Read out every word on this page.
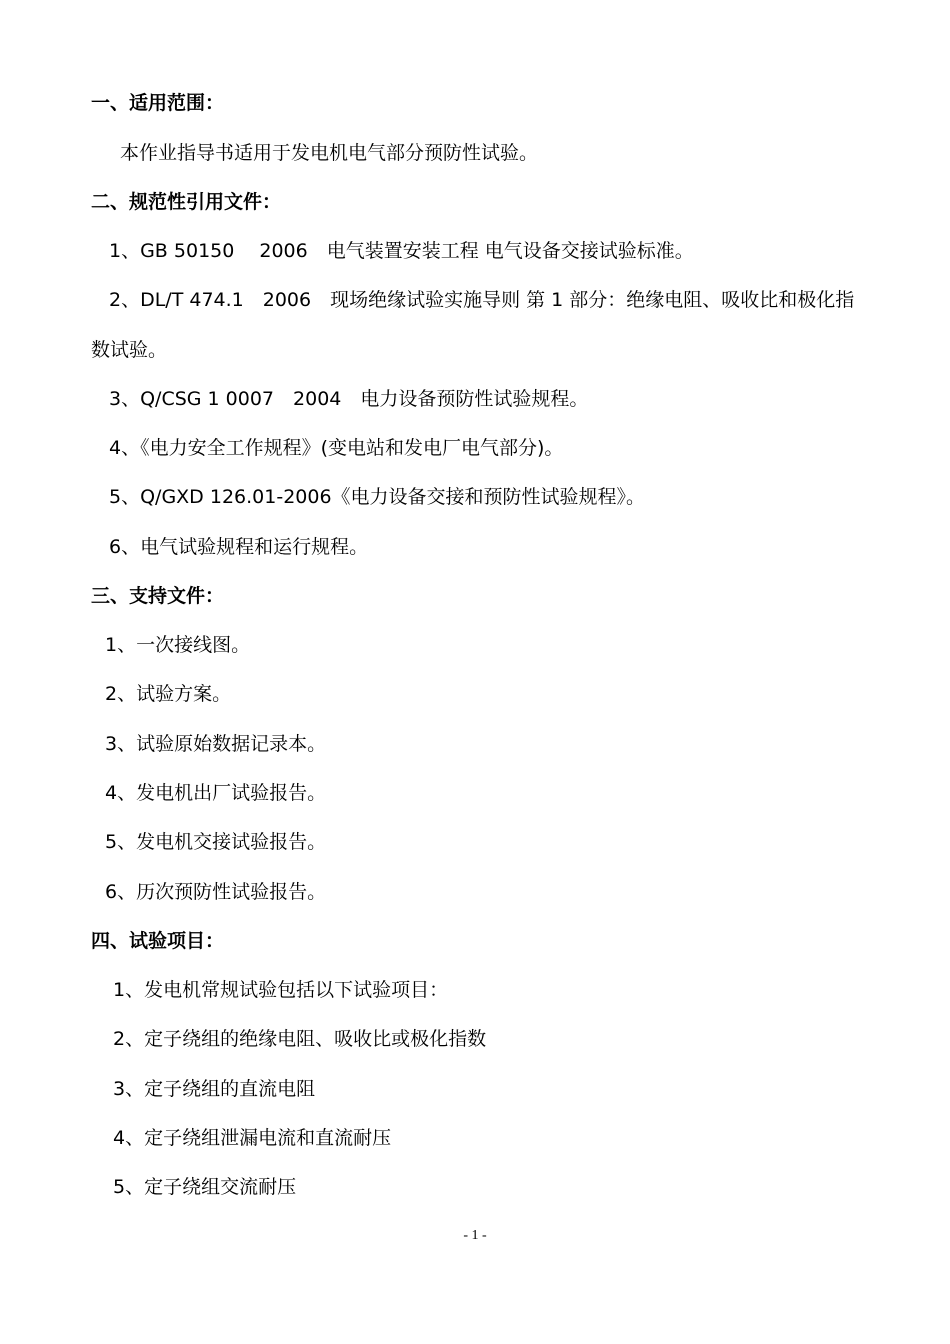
一、适用范围：
本作业指导书适用于发电机电气部分预防性试验。
二、规范性引用文件：
1、GB 50150　 2006　电气装置安装工程 电气设备交接试验标准。
2、DL/T 474.1　2006　现场绝缘试验实施导则 第 1 部分：绝缘电阻、吸收比和极化指
数试验。
3、Q/CSG 1 0007　2004　电力设备预防性试验规程。
4、《电力安全工作规程》(变电站和发电厂电气部分)。
5、Q/GXD 126.01-2006《电力设备交接和预防性试验规程》。
6、电气试验规程和运行规程。
三、支持文件：
1、一次接线图。
2、试验方案。
3、试验原始数据记录本。
4、发电机出厂试验报告。
5、发电机交接试验报告。
6、历次预防性试验报告。
四、试验项目：
1、发电机常规试验包括以下试验项目：
2、定子绕组的绝缘电阻、吸收比或极化指数
3、定子绕组的直流电阻
4、定子绕组泄漏电流和直流耐压
5、定子绕组交流耐压
- 1 -
